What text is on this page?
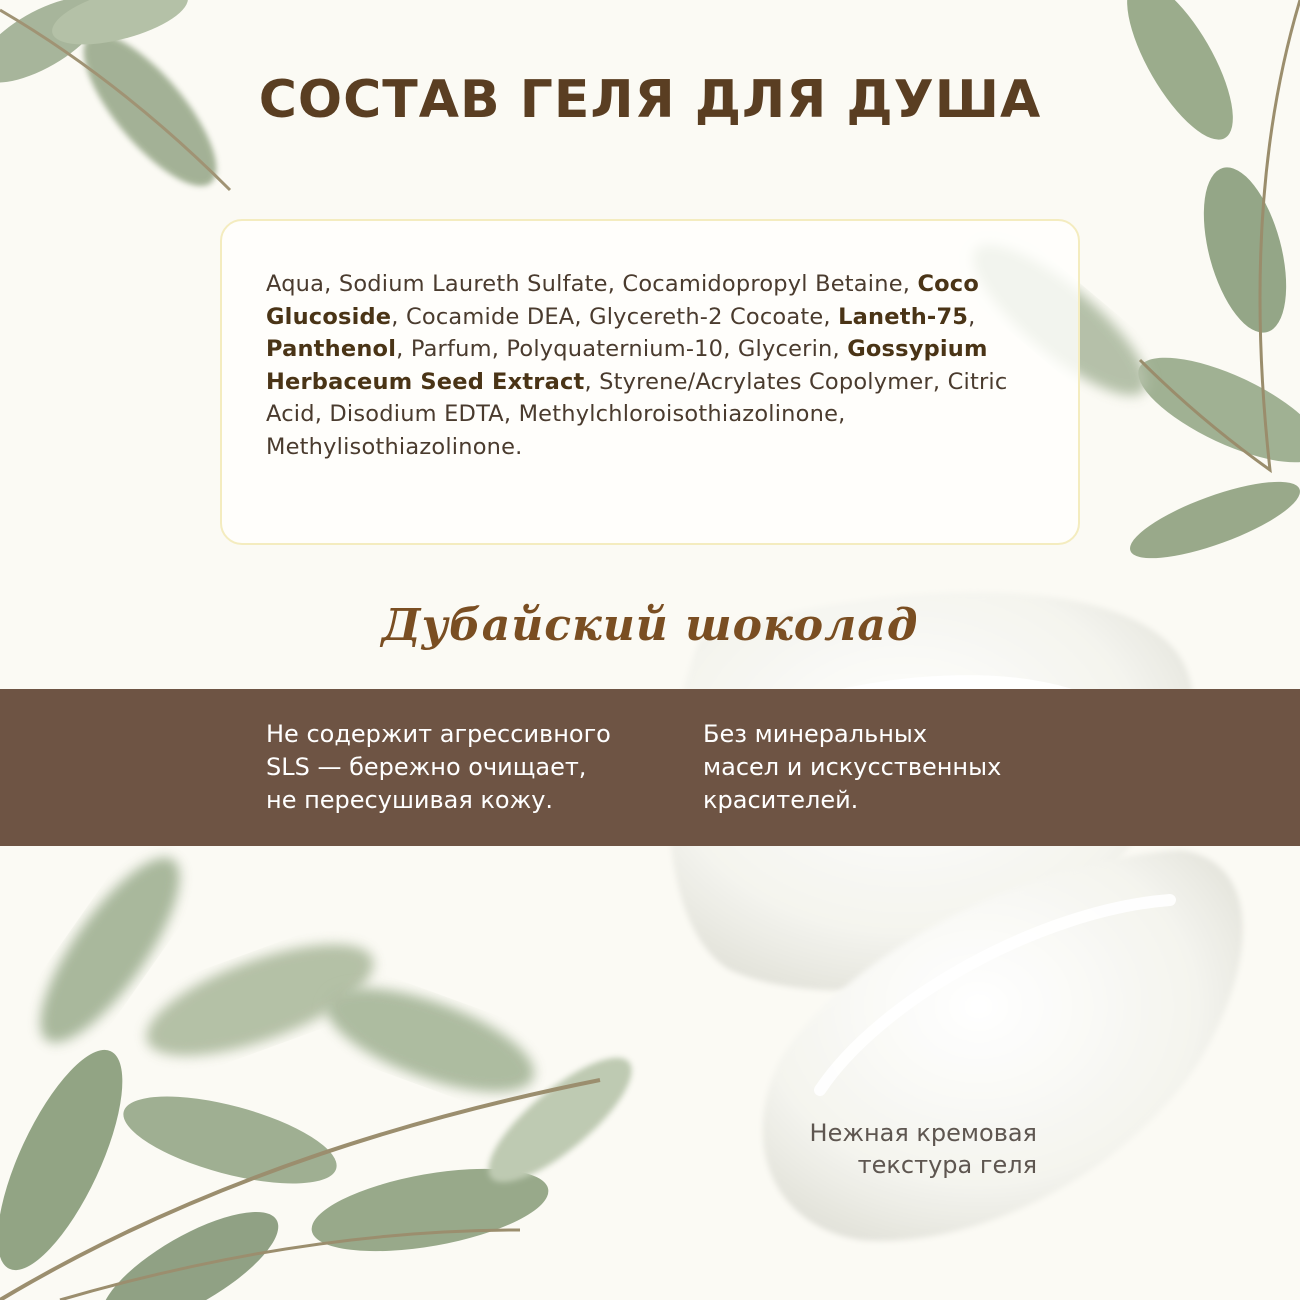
СОСТАВ ГЕЛЯ ДЛЯ ДУША

Aqua, Sodium Laureth Sulfate, Cocamidopropyl Betaine, Coco Glucoside, Cocamide DEA, Glycereth-2 Cocoate, Laneth-75, Panthenol, Parfum, Polyquaternium-10, Glycerin, Gossypium Herbaceum Seed Extract, Styrene/Acrylates Copolymer, Citric Acid, Disodium EDTA, Methylchloroisothiazolinone, Methylisothiazolinone.

Дубайский шоколад

Не содержит агрессивного
SLS — бережно очищает,
не пересушивая кожу.

Без минеральных
масел и искусственных
красителей.

Нежная кремовая
текстура геля
